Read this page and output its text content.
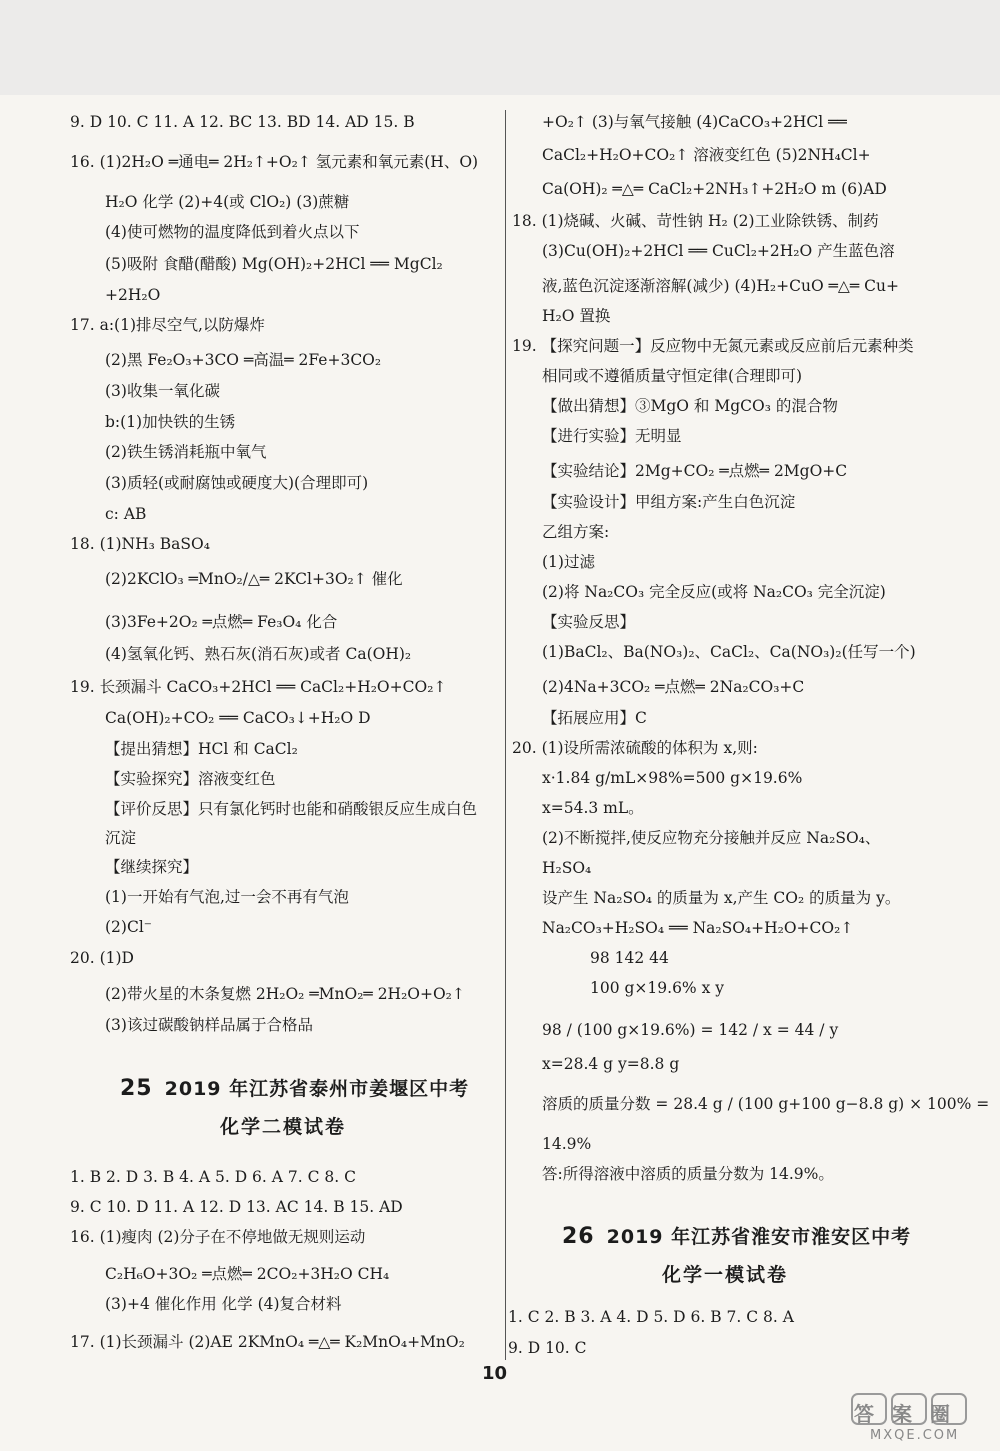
9. D 10. C 11. A 12. BC 13. BD 14. AD 15. B
16. (1)2H₂O ═通电═ 2H₂↑+O₂↑ 氢元素和氧元素(H、O)
H₂O 化学 (2)+4(或 ClO₂) (3)蔗糖
(4)使可燃物的温度降低到着火点以下
(5)吸附 食醋(醋酸) Mg(OH)₂+2HCl ══ MgCl₂
+2H₂O
17. a:(1)排尽空气,以防爆炸
(2)黑 Fe₂O₃+3CO ═高温═ 2Fe+3CO₂
(3)收集一氧化碳
b:(1)加快铁的生锈
(2)铁生锈消耗瓶中氧气
(3)质轻(或耐腐蚀或硬度大)(合理即可)
c: AB
18. (1)NH₃ BaSO₄
(2)2KClO₃ ═MnO₂/△═ 2KCl+3O₂↑ 催化
(3)3Fe+2O₂ ═点燃═ Fe₃O₄ 化合
(4)氢氧化钙、熟石灰(消石灰)或者 Ca(OH)₂
19. 长颈漏斗 CaCO₃+2HCl ══ CaCl₂+H₂O+CO₂↑
Ca(OH)₂+CO₂ ══ CaCO₃↓+H₂O D
【提出猜想】HCl 和 CaCl₂
【实验探究】溶液变红色
【评价反思】只有氯化钙时也能和硝酸银反应生成白色
沉淀
【继续探究】
(1)一开始有气泡,过一会不再有气泡
(2)Cl⁻
20. (1)D
(2)带火星的木条复燃 2H₂O₂ ═MnO₂═ 2H₂O+O₂↑
(3)该过碳酸钠样品属于合格品
25 2019 年江苏省泰州市姜堰区中考
化学二模试卷
1. B 2. D 3. B 4. A 5. D 6. A 7. C 8. C
9. C 10. D 11. A 12. D 13. AC 14. B 15. AD
16. (1)瘦肉 (2)分子在不停地做无规则运动
C₂H₆O+3O₂ ═点燃═ 2CO₂+3H₂O CH₄
(3)+4 催化作用 化学 (4)复合材料
17. (1)长颈漏斗 (2)AE 2KMnO₄ ═△═ K₂MnO₄+MnO₂
+O₂↑ (3)与氧气接触 (4)CaCO₃+2HCl ══
CaCl₂+H₂O+CO₂↑ 溶液变红色 (5)2NH₄Cl+
Ca(OH)₂ ═△═ CaCl₂+2NH₃↑+2H₂O m (6)AD
18. (1)烧碱、火碱、苛性钠 H₂ (2)工业除铁锈、制药
(3)Cu(OH)₂+2HCl ══ CuCl₂+2H₂O 产生蓝色溶
液,蓝色沉淀逐渐溶解(减少) (4)H₂+CuO ═△═ Cu+
H₂O 置换
19. 【探究问题一】反应物中无氮元素或反应前后元素种类
相同或不遵循质量守恒定律(合理即可)
【做出猜想】③MgO 和 MgCO₃ 的混合物
【进行实验】无明显
【实验结论】2Mg+CO₂ ═点燃═ 2MgO+C
【实验设计】甲组方案:产生白色沉淀
乙组方案:
(1)过滤
(2)将 Na₂CO₃ 完全反应(或将 Na₂CO₃ 完全沉淀)
【实验反思】
(1)BaCl₂、Ba(NO₃)₂、CaCl₂、Ca(NO₃)₂(任写一个)
(2)4Na+3CO₂ ═点燃═ 2Na₂CO₃+C
【拓展应用】C
20. (1)设所需浓硫酸的体积为 x,则:
x·1.84 g/mL×98%=500 g×19.6%
x=54.3 mL。
(2)不断搅拌,使反应物充分接触并反应 Na₂SO₄、
H₂SO₄
设产生 Na₂SO₄ 的质量为 x,产生 CO₂ 的质量为 y。
Na₂CO₃+H₂SO₄ ══ Na₂SO₄+H₂O+CO₂↑
98 142 44
100 g×19.6% x y
98 / (100 g×19.6%) = 142 / x = 44 / y
x=28.4 g y=8.8 g
溶质的质量分数 = 28.4 g / (100 g+100 g−8.8 g) × 100% =
14.9%
答:所得溶液中溶质的质量分数为 14.9%。
26 2019 年江苏省淮安市淮安区中考
化学一模试卷
1. C 2. B 3. A 4. D 5. D 6. B 7. C 8. A
9. D 10. C
10
答案圈
MXQE.COM
